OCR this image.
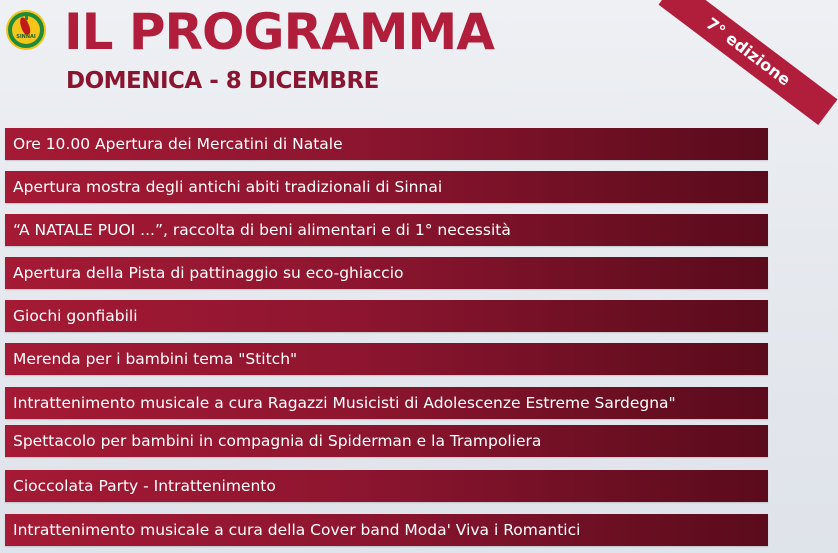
SINNAI IL PROGRAMMA
DOMENICA - 8 DICEMBRE	7° edizione
Ore 10.00 Apertura dei Mercatini di Natale
Apertura mostra degli antichi abiti tradizionali di Sinnai
“A NATALE PUOI ...”, raccolta di beni alimentari e di 1° necessità
Apertura della Pista di pattinaggio su eco-ghiaccio
Giochi gonfiabili
Merenda per i bambini tema "Stitch"
Intrattenimento musicale a cura Ragazzi Musicisti di Adolescenze Estreme Sardegna"
Spettacolo per bambini in compagnia di Spiderman e la Trampoliera
Cioccolata Party - Intrattenimento
Intrattenimento musicale a cura della Cover band Moda' Viva i Romantici
